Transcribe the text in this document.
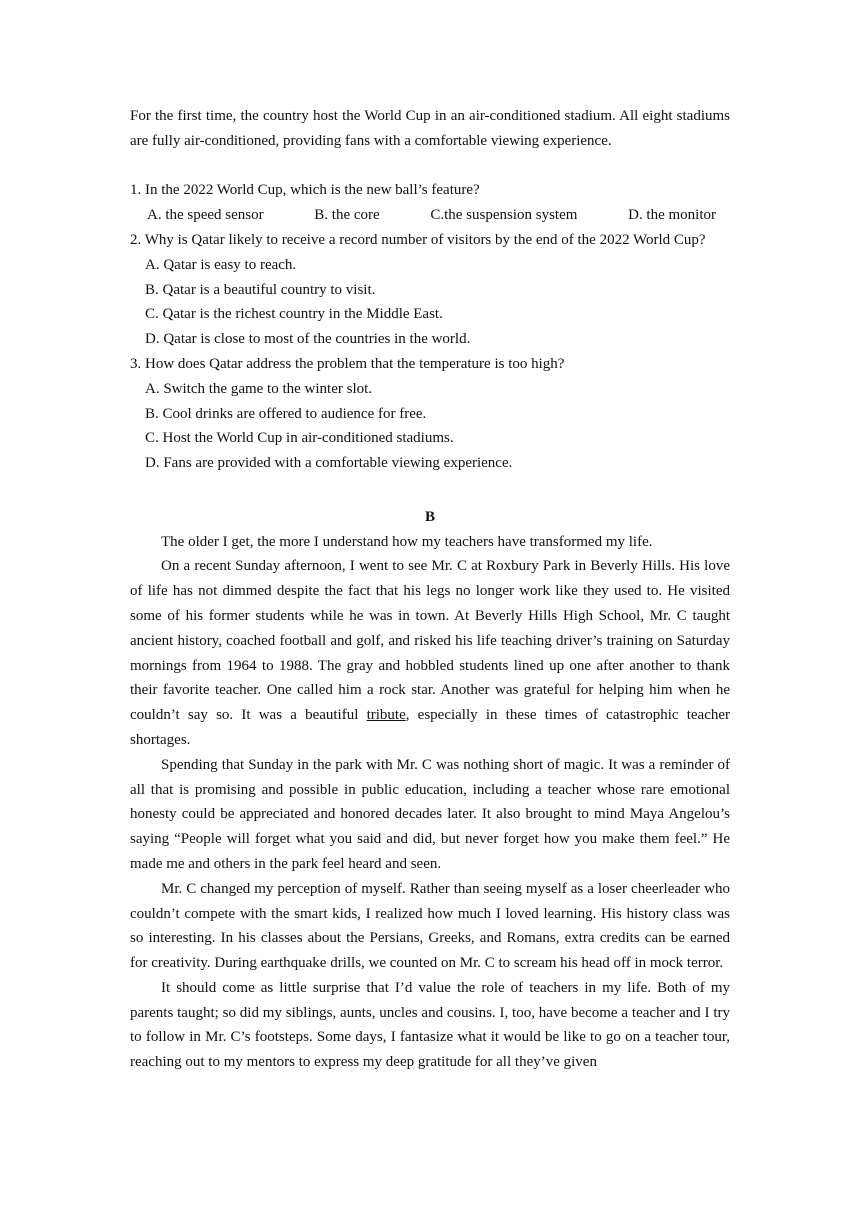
For the first time, the country host the World Cup in an air-conditioned stadium. All eight stadiums are fully air-conditioned, providing fans with a comfortable viewing experience.

1. In the 2022 World Cup, which is the new ball’s feature?

A. the speed sensor	B. the core	C.the suspension system	D. the monitor

2. Why is Qatar likely to receive a record number of visitors by the end of the 2022 World Cup?

A. Qatar is easy to reach.

B. Qatar is a beautiful country to visit.

C. Qatar is the richest country in the Middle East.

D. Qatar is close to most of the countries in the world.

3. How does Qatar address the problem that the temperature is too high?

A. Switch the game to the winter slot.

B. Cool drinks are offered to audience for free.

C. Host the World Cup in air-conditioned stadiums.

D. Fans are provided with a comfortable viewing experience.

B

The older I get, the more I understand how my teachers have transformed my life.

On a recent Sunday afternoon, I went to see Mr. C at Roxbury Park in Beverly Hills. His love of life has not dimmed despite the fact that his legs no longer work like they used to. He visited some of his former students while he was in town. At Beverly Hills High School, Mr. C taught ancient history, coached football and golf, and risked his life teaching driver’s training on Saturday mornings from 1964 to 1988. The gray and hobbled students lined up one after another to thank their favorite teacher. One called him a rock star. Another was grateful for helping him when he couldn’t say so. It was a beautiful tribute, especially in these times of catastrophic teacher shortages.

Spending that Sunday in the park with Mr. C was nothing short of magic. It was a reminder of all that is promising and possible in public education, including a teacher whose rare emotional honesty could be appreciated and honored decades later. It also brought to mind Maya Angelou’s saying “People will forget what you said and did, but never forget how you make them feel.” He made me and others in the park feel heard and seen.

Mr. C changed my perception of myself. Rather than seeing myself as a loser cheerleader who couldn’t compete with the smart kids, I realized how much I loved learning. His history class was so interesting. In his classes about the Persians, Greeks, and Romans, extra credits can be earned for creativity. During earthquake drills, we counted on Mr. C to scream his head off in mock terror.

It should come as little surprise that I’d value the role of teachers in my life. Both of my parents taught; so did my siblings, aunts, uncles and cousins. I, too, have become a teacher and I try to follow in Mr. C’s footsteps. Some days, I fantasize what it would be like to go on a teacher tour, reaching out to my mentors to express my deep gratitude for all they’ve given
